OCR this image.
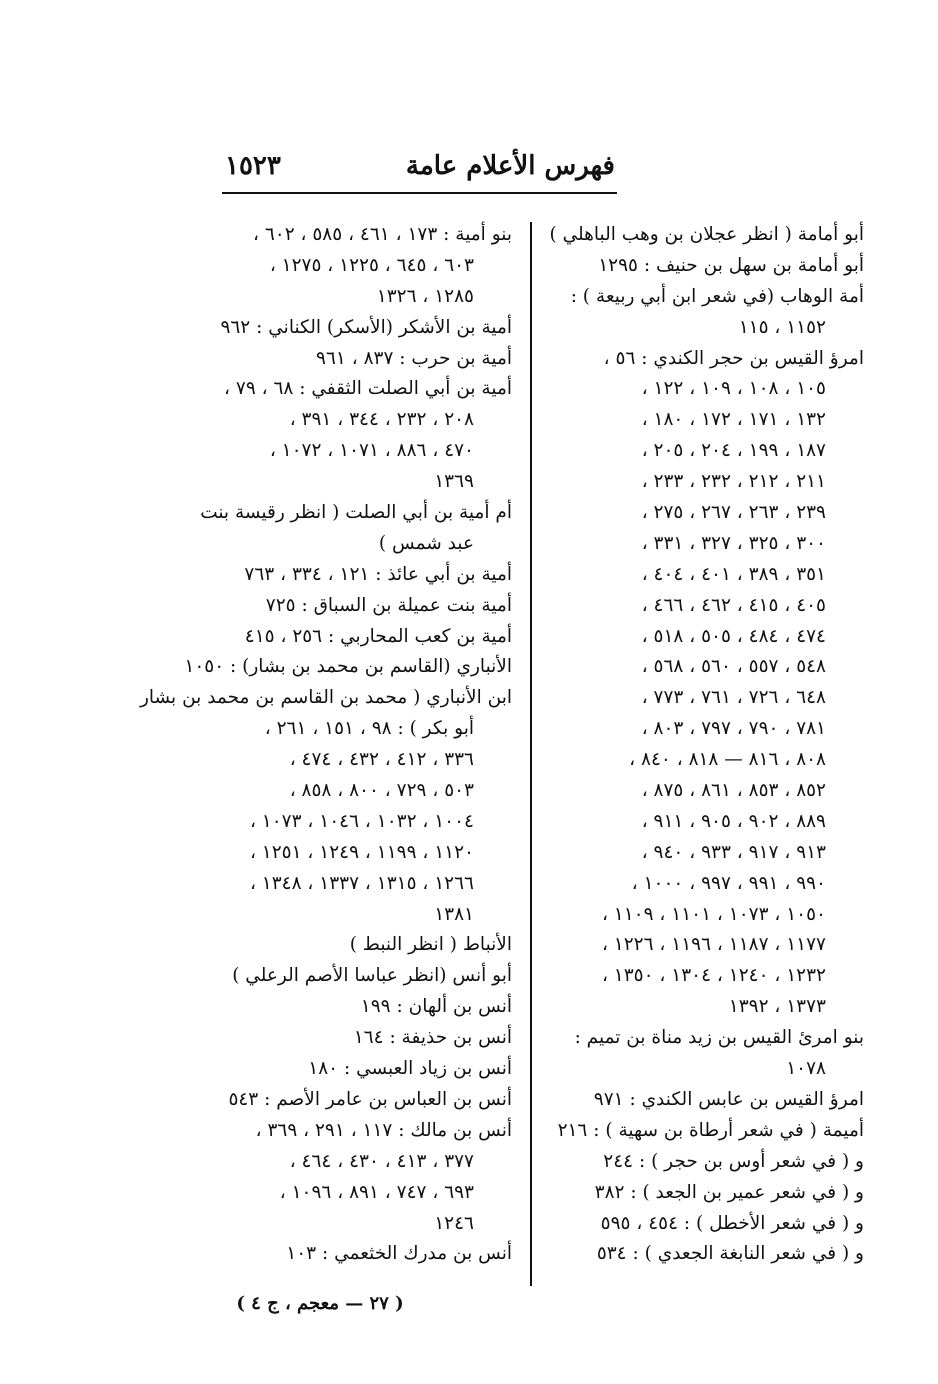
فهرس الأعلام عامة
١٥٢٣
أبو أمامة ( انظر عجلان بن وهب الباهلي )
أبو أمامة بن سهل بن حنيف : ١٢٩٥
أمة الوهاب (في شعر ابن أبي ربيعة ) :
١١٥٢ ، ١١٥
امرؤ القيس بن حجر الكندي : ٥٦ ،
١٠٥ ، ١٠٨ ، ١٠٩ ، ١٢٢ ،
١٣٢ ، ١٧١ ، ١٧٢ ، ١٨٠ ،
١٨٧ ، ١٩٩ ، ٢٠٤ ، ٢٠٥ ،
٢١١ ، ٢١٢ ، ٢٣٢ ، ٢٣٣ ،
٢٣٩ ، ٢٦٣ ، ٢٦٧ ، ٢٧٥ ،
٣٠٠ ، ٣٢٥ ، ٣٢٧ ، ٣٣١ ،
٣٥١ ، ٣٨٩ ، ٤٠١ ، ٤٠٤ ،
٤٠٥ ، ٤١٥ ، ٤٦٢ ، ٤٦٦ ،
٤٧٤ ، ٤٨٤ ، ٥٠٥ ، ٥١٨ ،
٥٤٨ ، ٥٥٧ ، ٥٦٠ ، ٥٦٨ ،
٦٤٨ ، ٧٢٦ ، ٧٦١ ، ٧٧٣ ،
٧٨١ ، ٧٩٠ ، ٧٩٧ ، ٨٠٣ ،
٨٠٨ ، ٨١٦ — ٨١٨ ، ٨٤٠ ،
٨٥٢ ، ٨٥٣ ، ٨٦١ ، ٨٧٥ ،
٨٨٩ ، ٩٠٢ ، ٩٠٥ ، ٩١١ ،
٩١٣ ، ٩١٧ ، ٩٣٣ ، ٩٤٠ ،
٩٩٠ ، ٩٩١ ، ٩٩٧ ، ١٠٠٠ ،
١٠٥٠ ، ١٠٧٣ ، ١١٠١ ، ١١٠٩ ،
١١٧٧ ، ١١٨٧ ، ١١٩٦ ، ١٢٢٦ ،
١٢٣٢ ، ١٢٤٠ ، ١٣٠٤ ، ١٣٥٠ ،
١٣٧٣ ، ١٣٩٢
بنو امرئ القيس بن زيد مناة بن تميم :
١٠٧٨
امرؤ القيس بن عابس الكندي : ٩٧١
أميمة ( في شعر أرطاة بن سهية ) : ٢١٦
و ( في شعر أوس بن حجر ) : ٢٤٤
و ( في شعر عمير بن الجعد ) : ٣٨٢
و ( في شعر الأخطل ) : ٤٥٤ ، ٥٩٥
و ( في شعر النابغة الجعدي ) : ٥٣٤
بنو أمية : ١٧٣ ، ٤٦١ ، ٥٨٥ ، ٦٠٢ ،
٦٠٣ ، ٦٤٥ ، ١٢٢٥ ، ١٢٧٥ ،
١٢٨٥ ، ١٣٢٦
أمية بن الأشكر (الأسكر) الكناني : ٩٦٢
أمية بن حرب : ٨٣٧ ، ٩٦١
أمية بن أبي الصلت الثقفي : ٦٨ ، ٧٩ ،
٢٠٨ ، ٢٣٢ ، ٣٤٤ ، ٣٩١ ،
٤٧٠ ، ٨٨٦ ، ١٠٧١ ، ١٠٧٢ ،
١٣٦٩
أم أمية بن أبي الصلت ( انظر رقيسة بنت
عبد شمس )
أمية بن أبي عائذ : ١٢١ ، ٣٣٤ ، ٧٦٣
أمية بنت عميلة بن السباق : ٧٢٥
أمية بن كعب المحاربي : ٢٥٦ ، ٤١٥
الأنباري (القاسم بن محمد بن بشار) : ١٠٥٠
ابن الأنباري ( محمد بن القاسم بن محمد بن بشار
أبو بكر ) : ٩٨ ، ١٥١ ، ٢٦١ ،
٣٣٦ ، ٤١٢ ، ٤٣٢ ، ٤٧٤ ،
٥٠٣ ، ٧٢٩ ، ٨٠٠ ، ٨٥٨ ،
١٠٠٤ ، ١٠٣٢ ، ١٠٤٦ ، ١٠٧٣ ،
١١٢٠ ، ١١٩٩ ، ١٢٤٩ ، ١٢٥١ ،
١٢٦٦ ، ١٣١٥ ، ١٣٣٧ ، ١٣٤٨ ،
١٣٨١
الأنباط ( انظر النبط )
أبو أنس (انظر عباسا الأصم الرعلي )
أنس بن ألهان : ١٩٩
أنس بن حذيفة : ١٦٤
أنس بن زياد العبسي : ١٨٠
أنس بن العباس بن عامر الأصم : ٥٤٣
أنس بن مالك : ١١٧ ، ٢٩١ ، ٣٦٩ ،
٣٧٧ ، ٤١٣ ، ٤٣٠ ، ٤٦٤ ،
٦٩٣ ، ٧٤٧ ، ٨٩١ ، ١٠٩٦ ،
١٢٤٦
أنس بن مدرك الخثعمي : ١٠٣
( ٢٧ — معجم ، ج ٤ )
